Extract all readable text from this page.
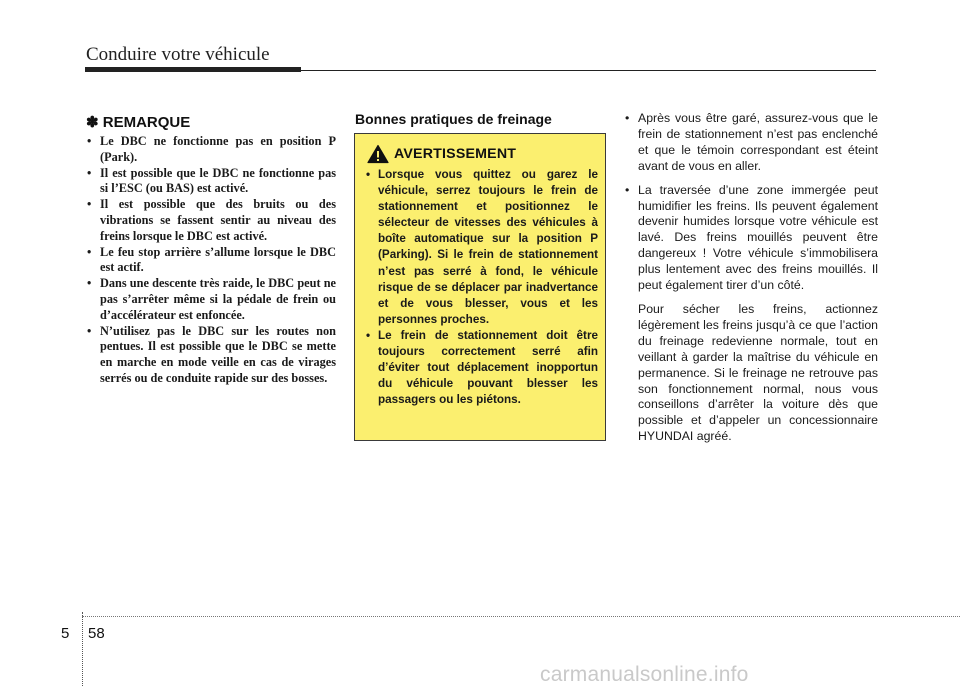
Conduire votre véhicule
✽ REMARQUE
• Le DBC ne fonctionne pas en position P (Park).
• Il est possible que le DBC ne fonctionne pas si l’ESC (ou BAS) est activé.
• Il est possible que des bruits ou des vibrations se fassent sentir au niveau des freins lorsque le DBC est activé.
• Le feu stop arrière s’allume lorsque le DBC est actif.
• Dans une descente très raide, le DBC peut ne pas s’arrêter même si la pédale de frein ou d’accélérateur est enfoncée.
• N’utilisez pas le DBC sur les routes non pentues. Il est possible que le DBC se mette en marche en mode veille en cas de virages serrés ou de conduite rapide sur des bosses.
Bonnes pratiques de freinage
AVERTISSEMENT
• Lorsque vous quittez ou garez le véhicule, serrez toujours le frein de stationnement et positionnez le sélecteur de vitesses des véhicules à boîte automatique sur la position P (Parking). Si le frein de stationnement n’est pas serré à fond, le véhicule risque de se déplacer par inadvertance et de vous blesser, vous et les personnes proches.
• Le frein de stationnement doit être toujours correctement serré afin d’éviter tout déplacement inopportun du véhicule pouvant blesser les passagers ou les piétons.
• Après vous être garé, assurez-vous que le frein de stationnement n’est pas enclenché et que le témoin correspondant est éteint avant de vous en aller.
• La traversée d’une zone immergée peut humidifier les freins. Ils peuvent également devenir humides lorsque votre véhicule est lavé. Des freins mouillés peuvent être dangereux ! Votre véhicule s’immobilisera plus lentement avec des freins mouillés. Il peut également tirer d’un côté.
Pour sécher les freins, actionnez légèrement les freins jusqu’à ce que l’action du freinage redevienne normale, tout en veillant à garder la maîtrise du véhicule en permanence. Si le freinage ne retrouve pas son fonctionnement normal, nous vous conseillons d’arrêter la voiture dès que possible et d’appeler un concessionnaire HYUNDAI agréé.
5 58
carmanualsonline.info
